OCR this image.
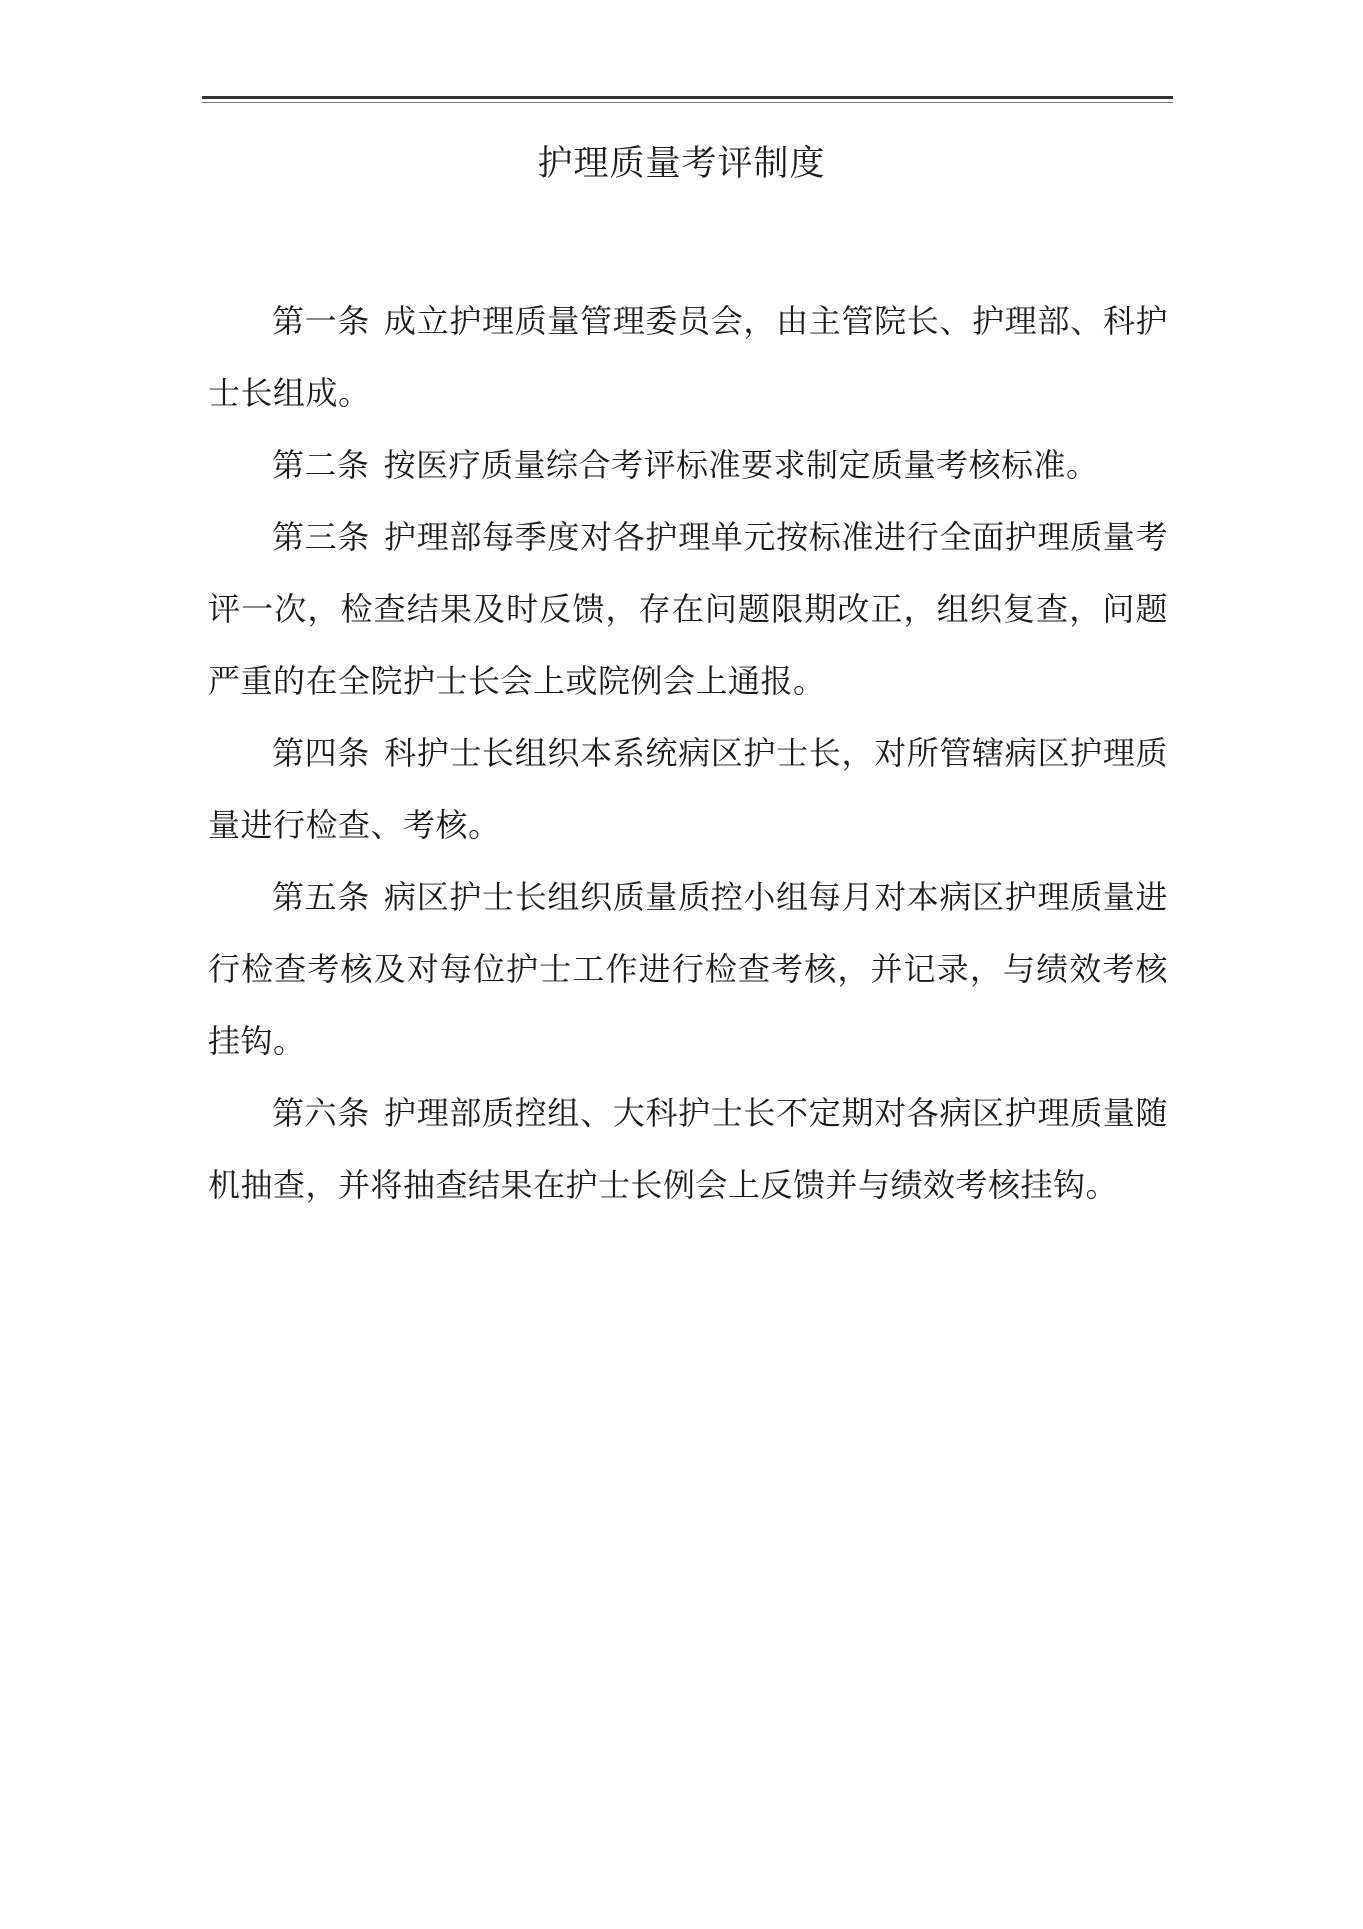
护理质量考评制度

第一条 成立护理质量管理委员会，由主管院长、护理部、科护士长组成。

第二条 按医疗质量综合考评标准要求制定质量考核标准。

第三条 护理部每季度对各护理单元按标准进行全面护理质量考评一次，检查结果及时反馈，存在问题限期改正，组织复查，问题严重的在全院护士长会上或院例会上通报。

第四条 科护士长组织本系统病区护士长，对所管辖病区护理质量进行检查、考核。

第五条 病区护士长组织质量质控小组每月对本病区护理质量进行检查考核及对每位护士工作进行检查考核，并记录，与绩效考核挂钩。

第六条 护理部质控组、大科护士长不定期对各病区护理质量随机抽查，并将抽查结果在护士长例会上反馈并与绩效考核挂钩。
